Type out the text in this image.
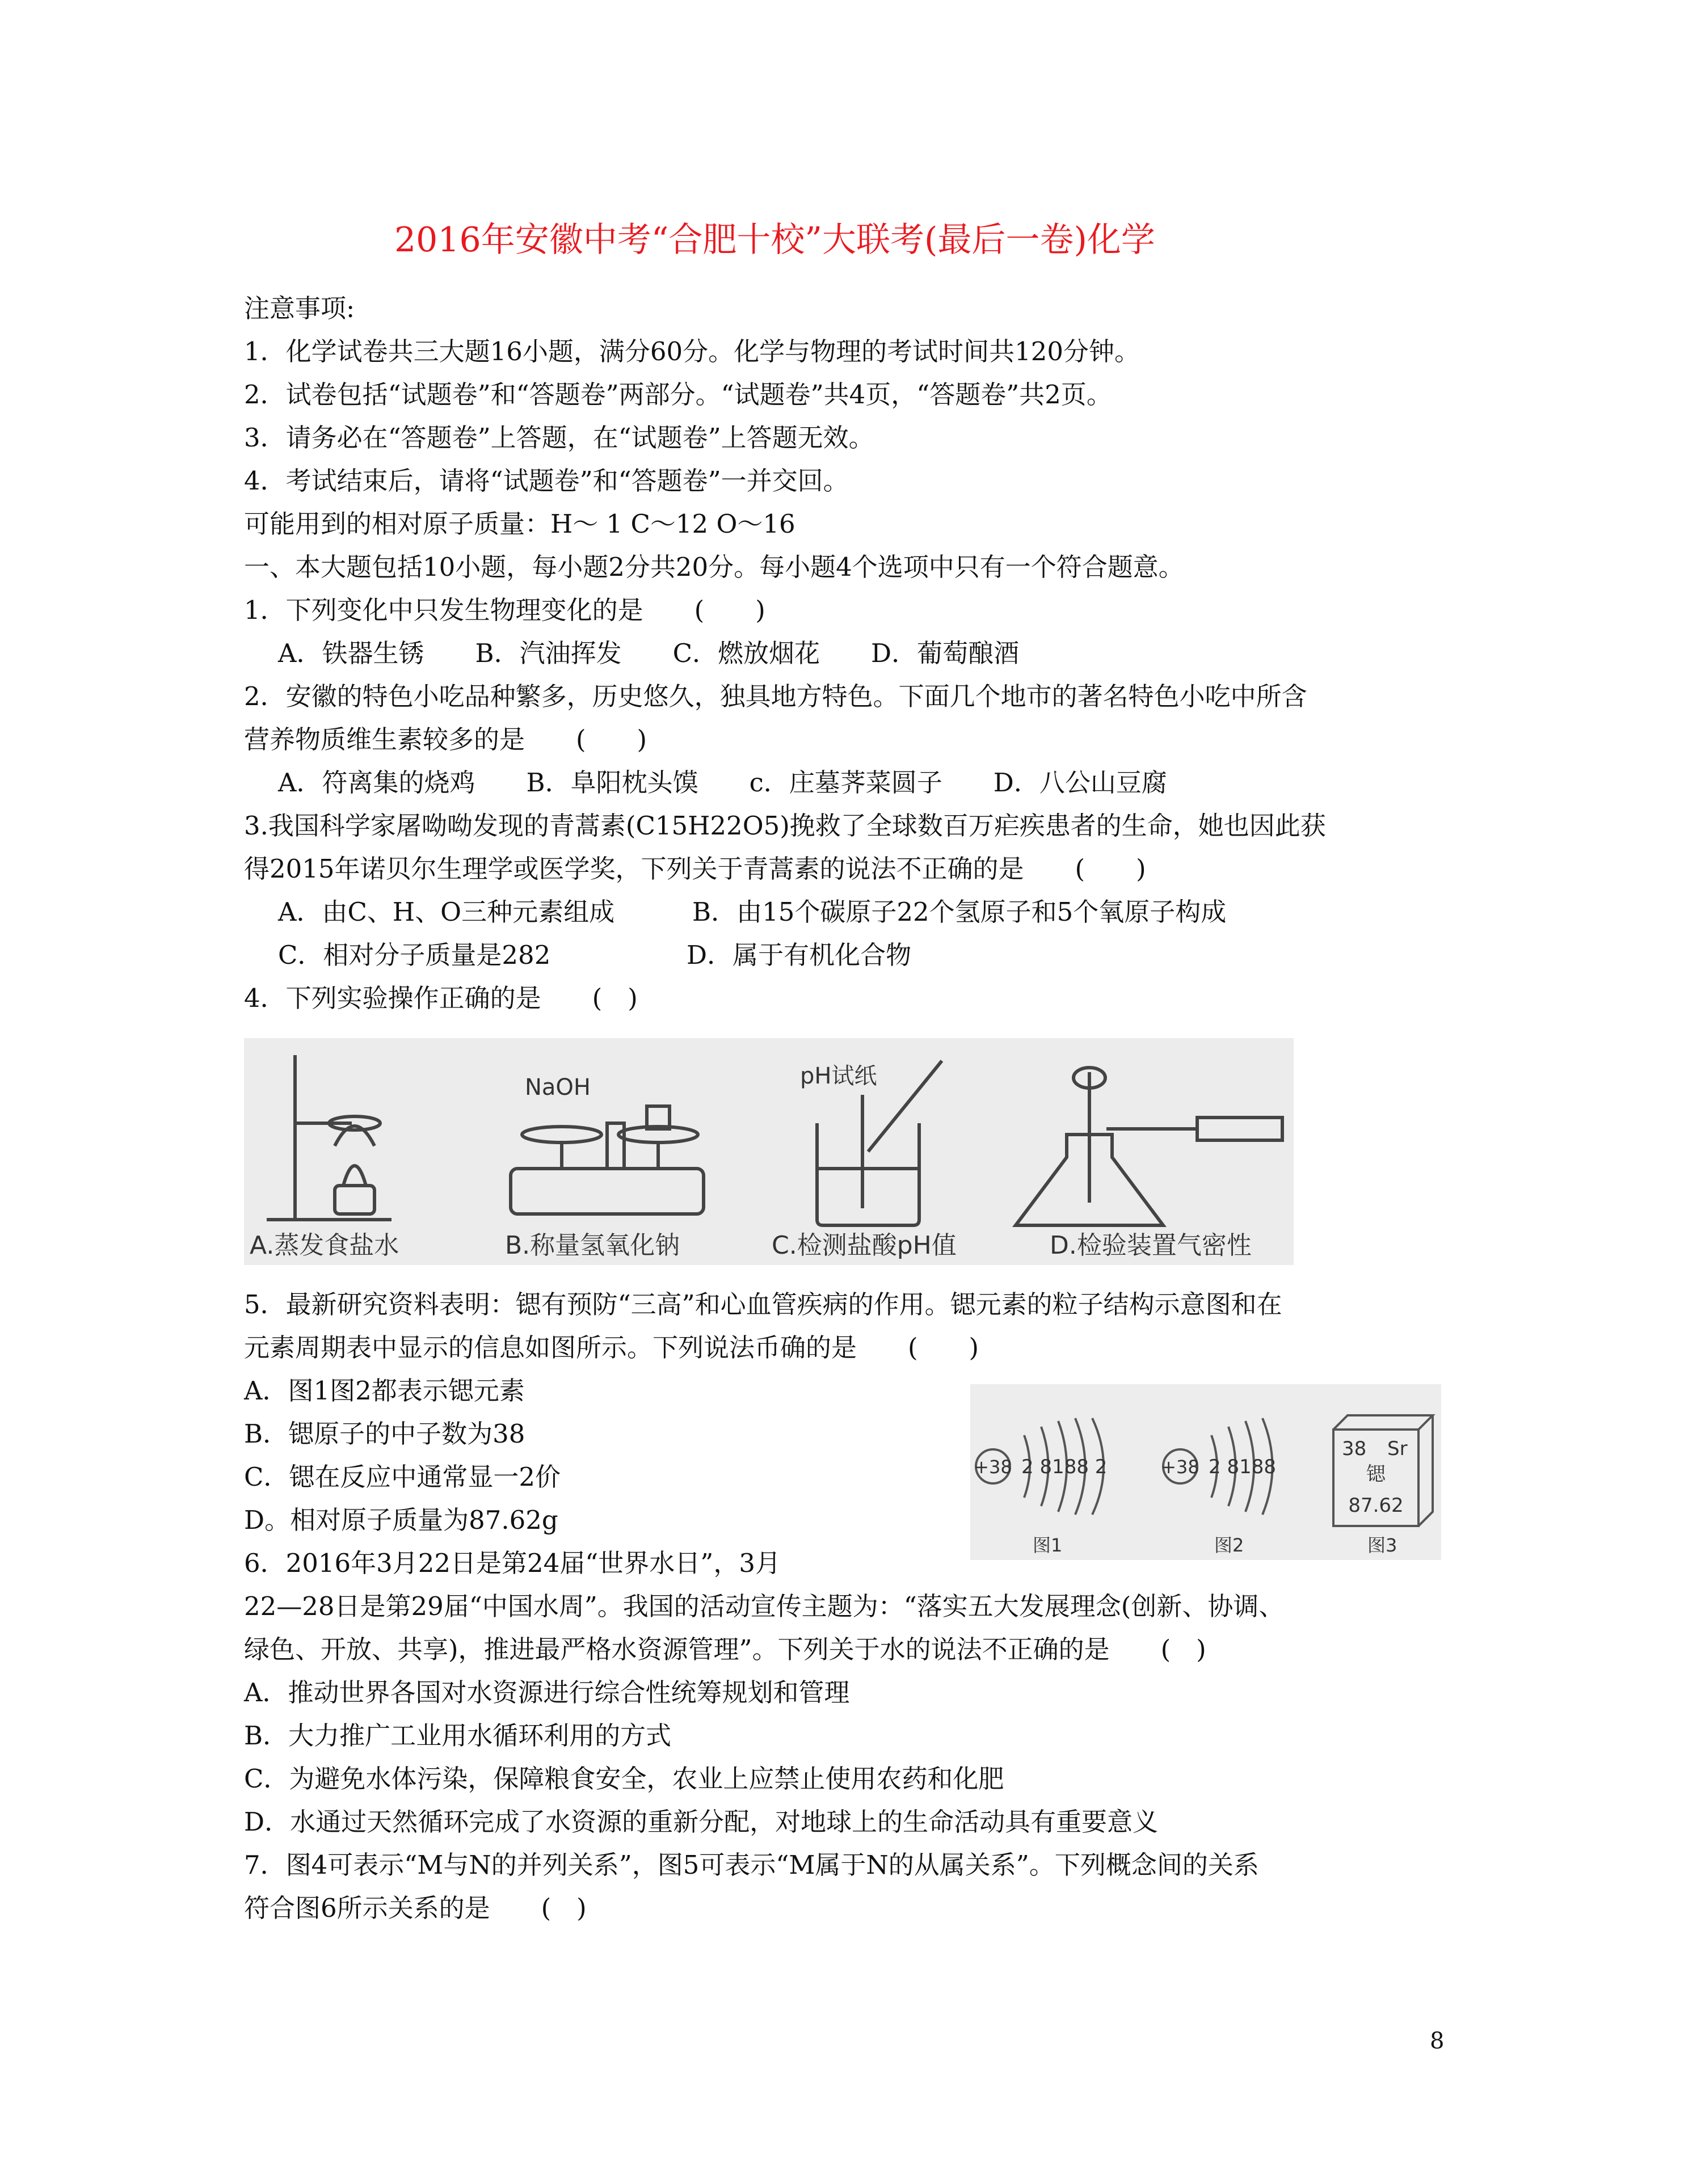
2016年安徽中考“合肥十校”大联考(最后一卷)化学
注意事项:
1．化学试卷共三大题16小题，满分60分。化学与物理的考试时间共120分钟。
2．试卷包括“试题卷”和“答题卷”两部分。“试题卷”共4页，“答题卷”共2页。
3．请务必在“答题卷”上答题，在“试题卷”上答题无效。
4．考试结束后，请将“试题卷”和“答题卷”一并交回。
可能用到的相对原子质量：H～ 1 C～12 O～16
一、本大题包括10小题，每小题2分共20分。每小题4个选项中只有一个符合题意。
1．下列变化中只发生物理变化的是　　(　　)
A．铁器生锈　　B．汽油挥发　　C．燃放烟花　　D．葡萄酿酒
2．安徽的特色小吃品种繁多，历史悠久，独具地方特色。下面几个地市的著名特色小吃中所含
营养物质维生素较多的是　　(　　)
A．符离集的烧鸡　　B．阜阳枕头馍　　c．庄墓荠菜圆子　　D．八公山豆腐
3.我国科学家屠呦呦发现的青蒿素(C15H22O5)挽救了全球数百万疟疾患者的生命，她也因此获
得2015年诺贝尔生理学或医学奖，下列关于青蒿素的说法不正确的是　　(　　)
A．由C、H、O三种元素组成	B．由15个碳原子22个氢原子和5个氧原子构成
C．相对分子质量是282	D．属于有机化合物
4．下列实验操作正确的是　　(　)
NaOH	pH试纸
A.蒸发食盐水	B.称量氢氧化钠	C.检测盐酸pH值	D.检验装置气密性
5．最新研究资料表明：锶有预防“三高”和心血管疾病的作用。锶元素的粒子结构示意图和在
元素周期表中显示的信息如图所示。下列说法币确的是　　(　　)
A．图1图2都表示锶元素
B．锶原子的中子数为38
C．锶在反应中通常显一2价
D。相对原子质量为87.62g
+38 2 8188 2	+38 2 8188
38 Sr
锶
87.62
图1	图2	图3
6．2016年3月22日是第24届“世界水日”，3月
22—28日是第29届“中国水周”。我国的活动宣传主题为：“落实五大发展理念(创新、协调、
绿色、开放、共享)，推进最严格水资源管理”。下列关于水的说法不正确的是　　(　)
A．推动世界各国对水资源进行综合性统筹规划和管理
B．大力推广工业用水循环利用的方式
C．为避免水体污染，保障粮食安全，农业上应禁止使用农药和化肥
D．水通过天然循环完成了水资源的重新分配，对地球上的生命活动具有重要意义
7．图4可表示“M与N的并列关系”，图5可表示“M属于N的从属关系”。下列概念间的关系
符合图6所示关系的是　　(　)
8
